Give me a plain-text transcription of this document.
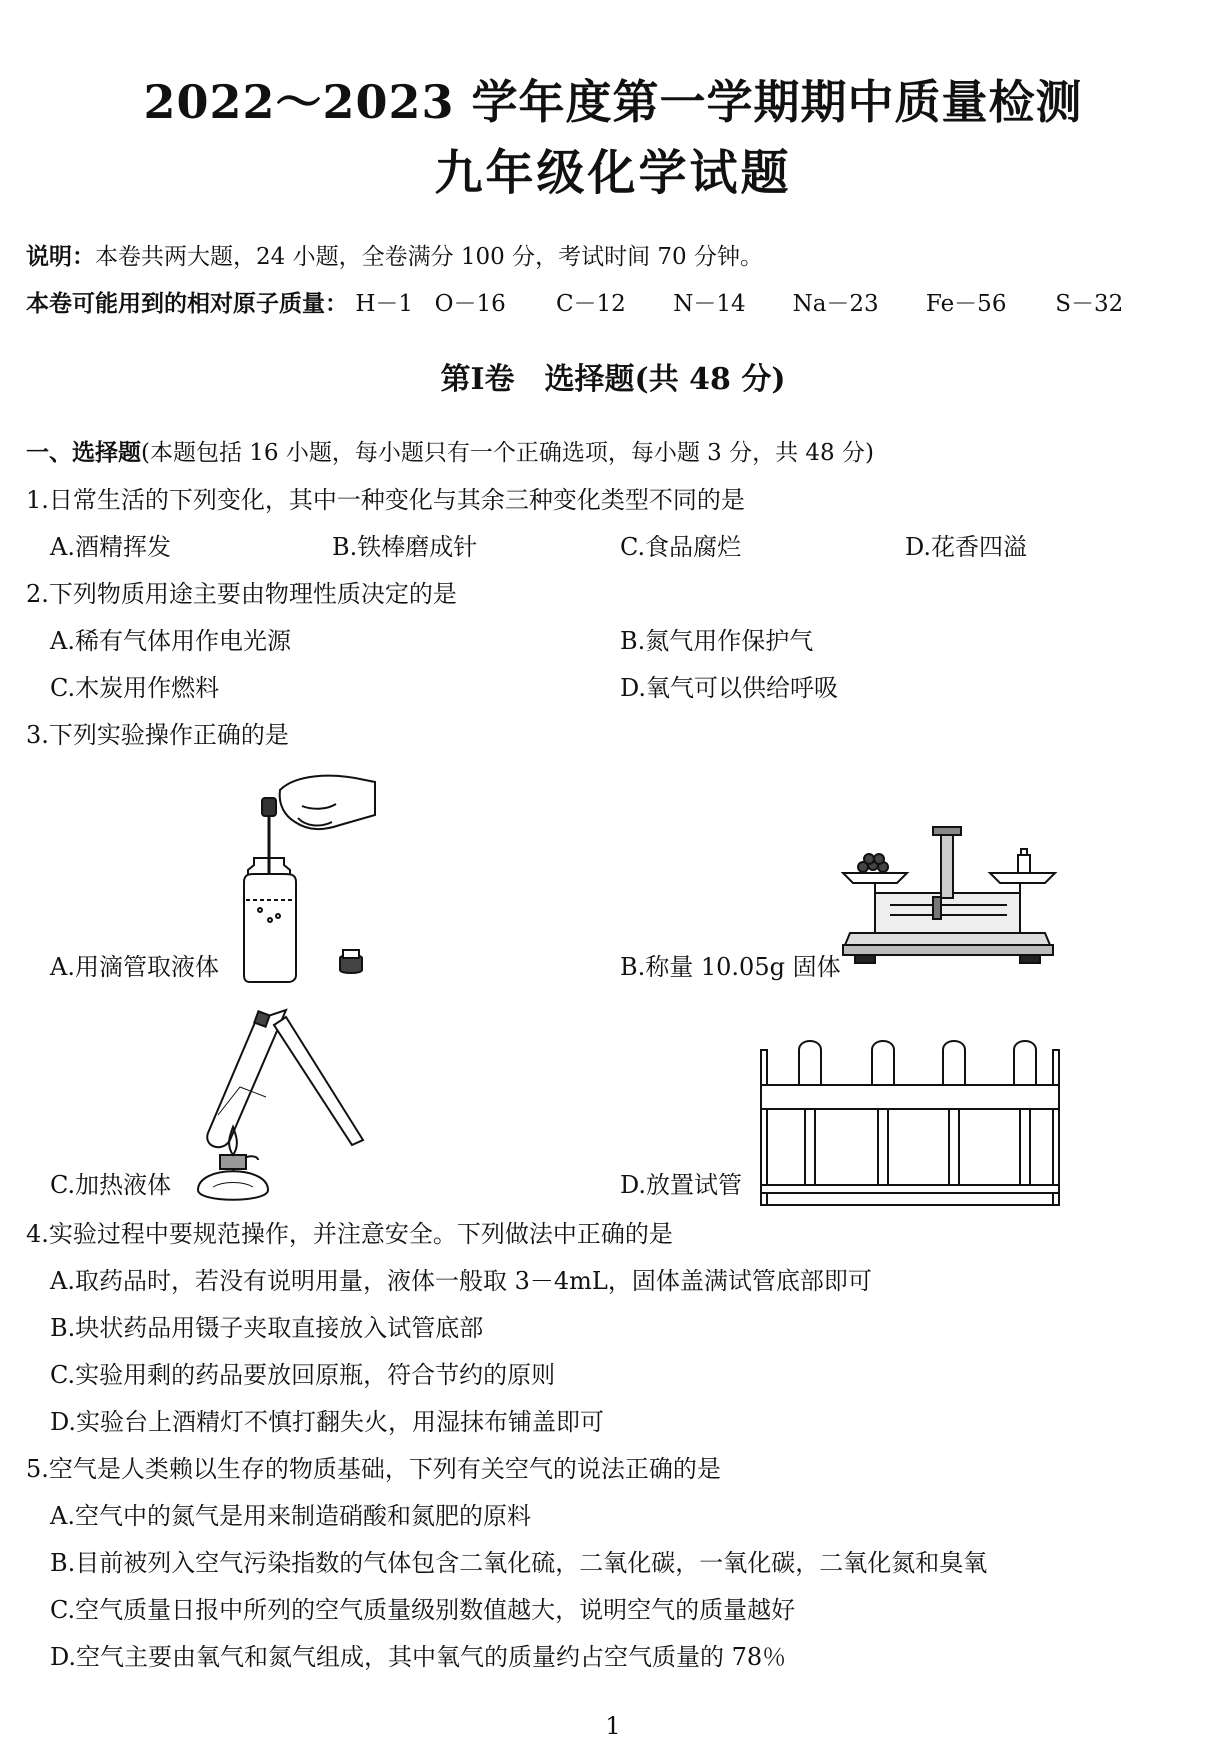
2022～2023 学年度第一学期期中质量检测
九年级化学试题
说明：本卷共两大题，24 小题，全卷满分 100 分，考试时间 70 分钟。
本卷可能用到的相对原子质量： H－1 O－16 C－12 N－14 Na－23 Fe－56 S－32
第Ⅰ卷　选择题(共 48 分)
一、选择题(本题包括 16 小题，每小题只有一个正确选项，每小题 3 分，共 48 分)
1.日常生活的下列变化，其中一种变化与其余三种变化类型不同的是
A.酒精挥发	B.铁棒磨成针	C.食品腐烂	D.花香四溢
2.下列物质用途主要由物理性质决定的是
A.稀有气体用作电光源	B.氮气用作保护气
C.木炭用作燃料	D.氧气可以供给呼吸
3.下列实验操作正确的是
A.用滴管取液体	B.称量 10.05g 固体
C.加热液体	D.放置试管
4.实验过程中要规范操作，并注意安全。下列做法中正确的是
A.取药品时，若没有说明用量，液体一般取 3－4mL，固体盖满试管底部即可
B.块状药品用镊子夹取直接放入试管底部
C.实验用剩的药品要放回原瓶，符合节约的原则
D.实验台上酒精灯不慎打翻失火，用湿抹布铺盖即可
5.空气是人类赖以生存的物质基础，下列有关空气的说法正确的是
A.空气中的氮气是用来制造硝酸和氮肥的原料
B.目前被列入空气污染指数的气体包含二氧化硫，二氧化碳，一氧化碳，二氧化氮和臭氧
C.空气质量日报中所列的空气质量级别数值越大，说明空气的质量越好
D.空气主要由氧气和氮气组成，其中氧气的质量约占空气质量的 78％
1
